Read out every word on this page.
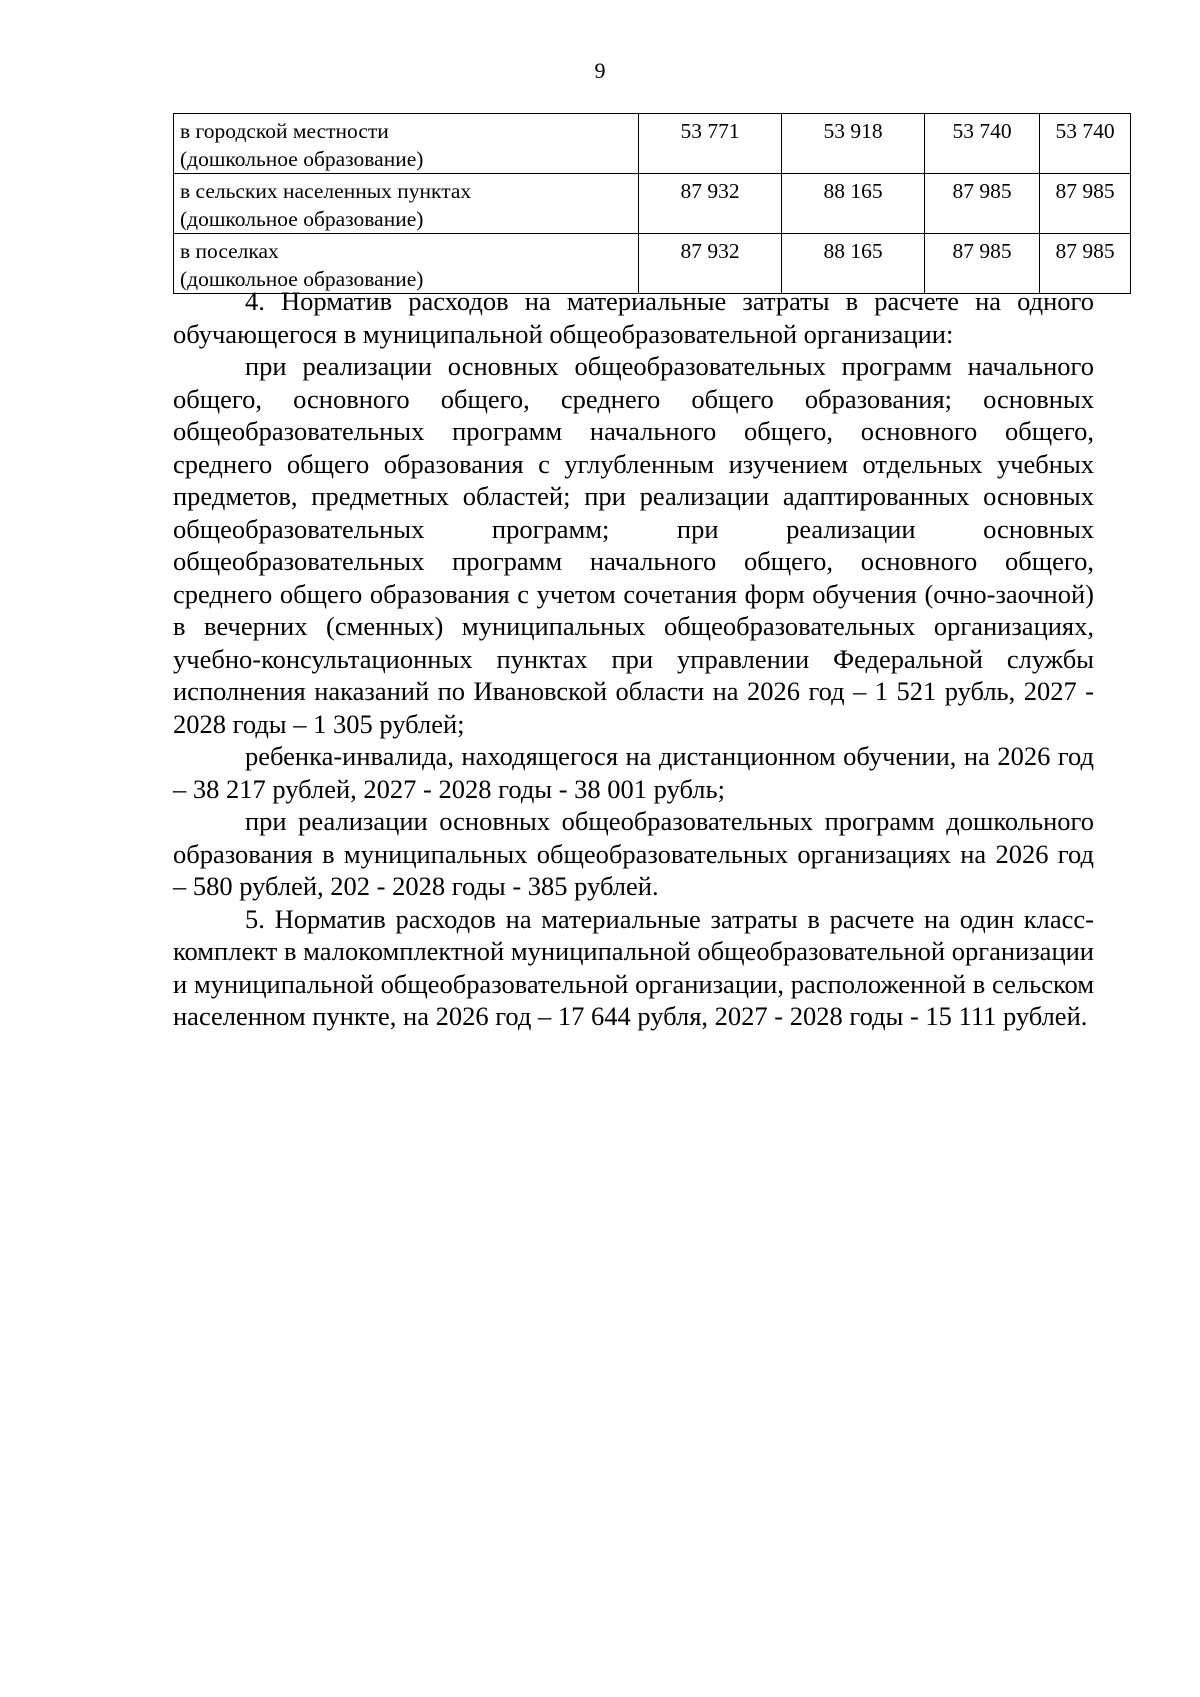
9
в городской местности
(дошкольное образование)	53 771	53 918	53 740	53 740

в сельских населенных пунктах
(дошкольное образование)	87 932	88 165	87 985	87 985

в поселках
(дошкольное образование)	87 932	88 165	87 985	87 985

4. Норматив расходов на материальные затраты в расчете на одного обучающегося в муниципальной общеобразовательной организации:

при реализации основных общеобразовательных программ начального общего, основного общего, среднего общего образования; основных общеобразовательных программ начального общего, основного общего, среднего общего образования с углубленным изучением отдельных учебных предметов, предметных областей; при реализации адаптированных основных общеобразовательных программ; при реализации основных общеобразовательных программ начального общего, основного общего, среднего общего образования с учетом сочетания форм обучения (очно-заочной) в вечерних (сменных) муниципальных общеобразовательных организациях, учебно-консультационных пунктах при управлении Федеральной службы исполнения наказаний по Ивановской области на 2026 год – 1 521 рубль, 2027 - 2028 годы – 1 305 рублей;

ребенка-инвалида, находящегося на дистанционном обучении, на 2026 год – 38 217 рублей, 2027 - 2028 годы - 38 001 рубль;

при реализации основных общеобразовательных программ дошкольного образования в муниципальных общеобразовательных организациях на 2026 год – 580 рублей, 202 - 2028 годы - 385 рублей.

5. Норматив расходов на материальные затраты в расчете на один класс-комплект в малокомплектной муниципальной общеобразовательной организации и муниципальной общеобразовательной организации, расположенной в сельском населенном пункте, на 2026 год – 17 644 рубля, 2027 - 2028 годы - 15 111 рублей.
